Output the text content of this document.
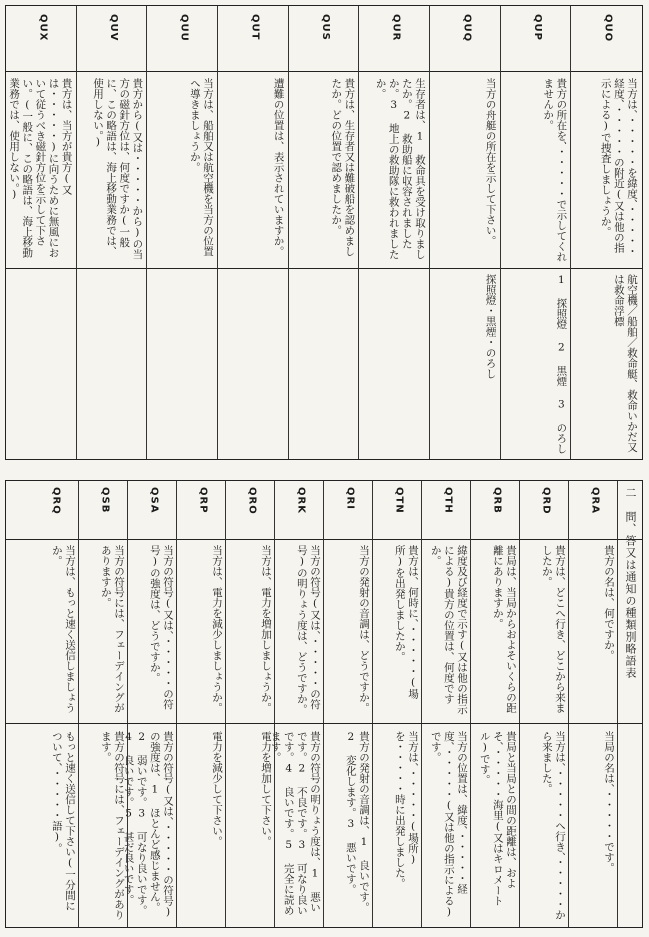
QUO
当方は、・・・・・を緯度、・・・・・経度、・・・・・の附近(又は他の指示による)で捜査しましょうか。
航空機／船舶／救命艇、救命いかだ又は救命浮標
QUP
貴方の所在を、・・・・・で示してくれませんか。
1 探照燈 2 黒煙 3 のろし
QUQ
当方の舟艇の所在を示して下さい。
探照燈・黒煙・のろし
QUR
生存者は、1 救命具を受け取りましたか。2 救助船に収容されましたか。3 地上の救助隊に救われましたか。
QUS
貴方は、生存者又は難破船を認めましたか。どの位置で認めましたか。
QUT
遭難の位置は、表示されていますか。
QUU
当方は、船舶又は航空機を当方の位置へ導きましょうか。
QUV
貴方から(又は・・・・・から)の当方の磁針方位は、何度ですか(一般に、この略語は、海上移動業務では、使用しない。)
QUX
貴方は、当方が貴方(又は・・・・・)に向うために無風において従うべき磁針方位を示して下さい。(一般に、この略語は、海上移動業務では、使用しない。)
二　問、答又は通知の種類別略語表
QRA
貴方の名は、何ですか。
当局の名は、・・・・・です。
QRD
貴方は、どこへ行き、どこから来ましたか。
当方は、・・・・・へ行き、・・・・・から来ました。
QRB
貴局は、当局からおよそいくらの距離にありますか。
貴局と当局との間の距離は、およそ、・・・・・海里(又はキロメートル)です。
QTH
緯度及び経度で示す(又は他の指示による)貴方の位置は、何度ですか。
当方の位置は、緯度、・・・・・経度、・・・・・(又は他の指示による)です。
QTN
貴方は、何時に、・・・・・(場所)を出発しましたか。
当方は、・・・・・(場所)を・・・・・時に出発しました。
QRI
当方の発射の音調は、どうですか。
貴方の発射の音調は、1 良いです。2 変化します。3 悪いです。
QRK
当方の符号(又は、・・・・・の符号)の明りょう度は、どうですか。
貴方の符号の明りょう度は、1 悪いです。2 不良です。3 可なり良いです。4 良いです。5 完全に読めます。
QRO
当方は、電力を増加しましょうか。
電力を増加して下さい。
QRP
当方は、電力を減少しましょうか。
電力を減少して下さい。
QSA
当方の符号(又は、・・・・・の符号)の強度は、どうですか。
貴方の符号(又は、・・・・・の符号)の強度は、1 ほとんど感じません。2 弱いです。3 可なり良いです。4 良いです。5 甚だ良いです。
QSB
当方の符号には、フェーデイングがありますか。
貴方の符号には、フェーデイングがあります。
QRQ
当方は、もっと速く送信しましょうか。
もっと速く送信して下さい(一分間について、・・・・・語)。
